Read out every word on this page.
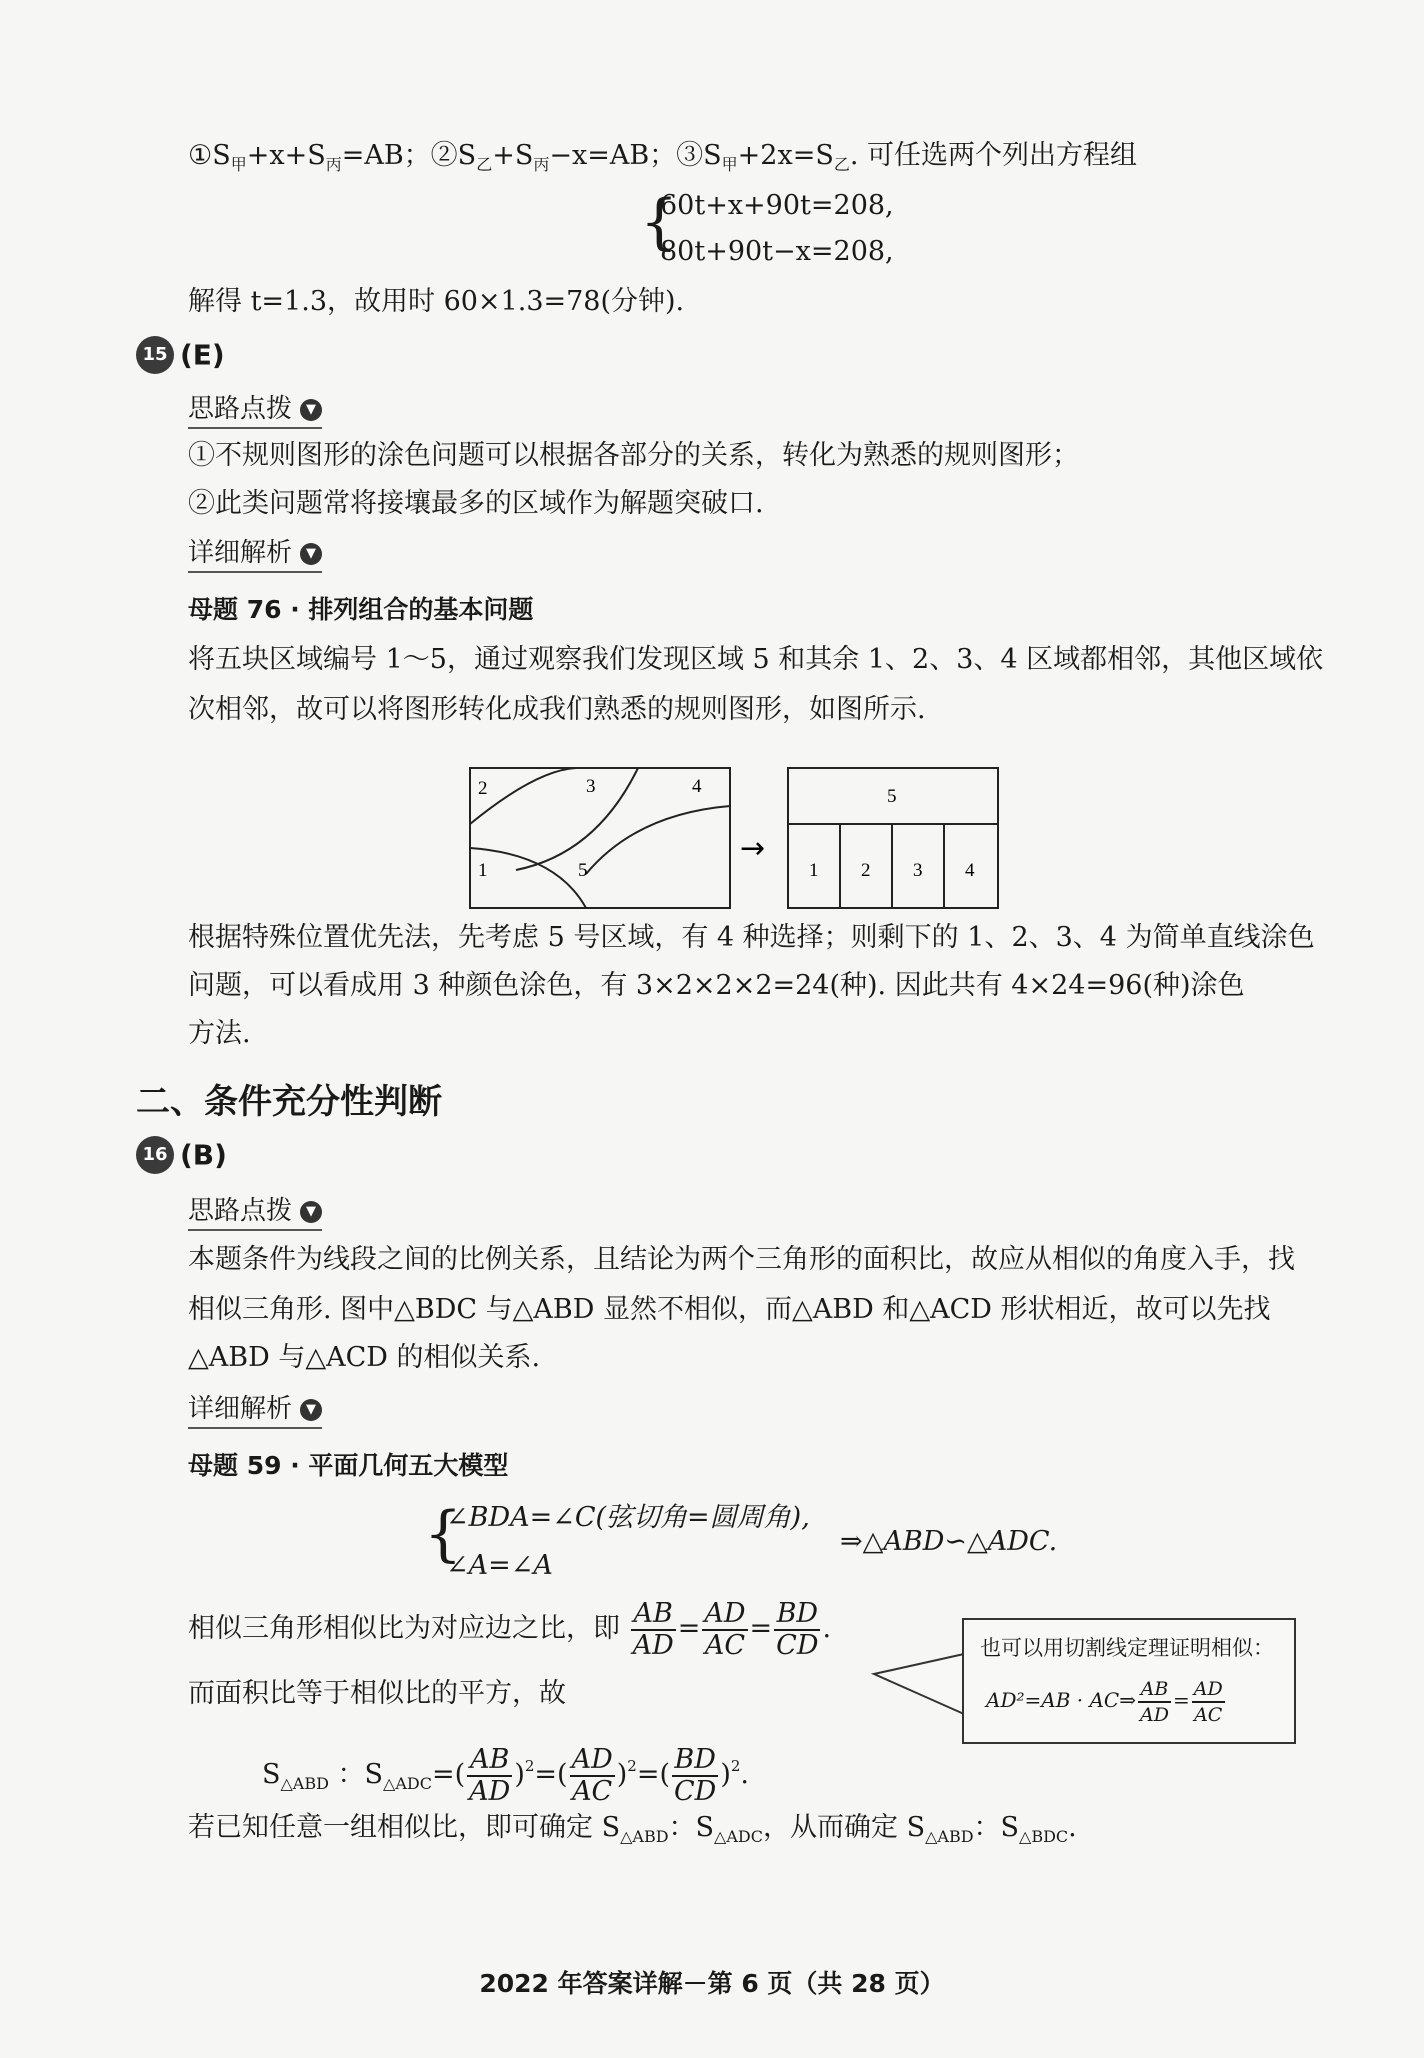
$①S_甲+x+S_丙=AB$；$②S_乙+S_丙-x=AB$；$③S_甲+2x=S_乙$. 可任选两个列出方程组
{
60t+x+90t=208,
80t+90t−x=208,
解得 t=1.3，故用时 60×1.3=78(分钟).
15 (E)
思路点拨 ▼
①不规则图形的涂色问题可以根据各部分的关系，转化为熟悉的规则图形；
②此类问题常将接壤最多的区域作为解题突破口.
详细解析 ▼
母题 76 · 排列组合的基本问题
将五块区域编号 1～5，通过观察我们发现区域 5 和其余 1、2、3、4 区域都相邻，其他区域依
次相邻，故可以将图形转化成我们熟悉的规则图形，如图所示.
2	3	4
1	5
→
5
1 2 3 4
根据特殊位置优先法，先考虑 5 号区域，有 4 种选择；则剩下的 1、2、3、4 为简单直线涂色
问题，可以看成用 3 种颜色涂色，有 3×2×2×2=24(种). 因此共有 4×24=96(种)涂色
方法.
二、条件充分性判断
16 (B)
思路点拨 ▼
本题条件为线段之间的比例关系，且结论为两个三角形的面积比，故应从相似的角度入手，找
相似三角形. 图中△BDC 与△ABD 显然不相似，而△ABD 和△ACD 形状相近，故可以先找
△ABD 与△ACD 的相似关系.
详细解析 ▼
母题 59 · 平面几何五大模型
{
∠BDA=∠C(弦切角=圆周角),
∠A=∠A
⇒△ABD∽△ADC.
相似三角形相似比为对应边之比，即 $\frac{AB}{AD} = \frac{AD}{AC} = \frac{BD}{CD}$ .
而面积比等于相似比的平方，故
$S_{\triangle ABD}$ ：$S_{\triangle ADC}=( \frac{AB}{AD} )^2=( \frac{AD}{AC} )^2=( \frac{BD}{CD} )^2$.
若已知任意一组相似比，即可确定 $S_{\triangle ABD}$：$S_{\triangle ADC}$，从而确定 $S_{\triangle ABD}$：$S_{\triangle BDC}$.
也可以用切割线定理证明相似：
AD²=AB · AC⇒ $\frac{AB}{AD} = \frac{AD}{AC}$
2022 年答案详解－第 6 页（共 28 页）
